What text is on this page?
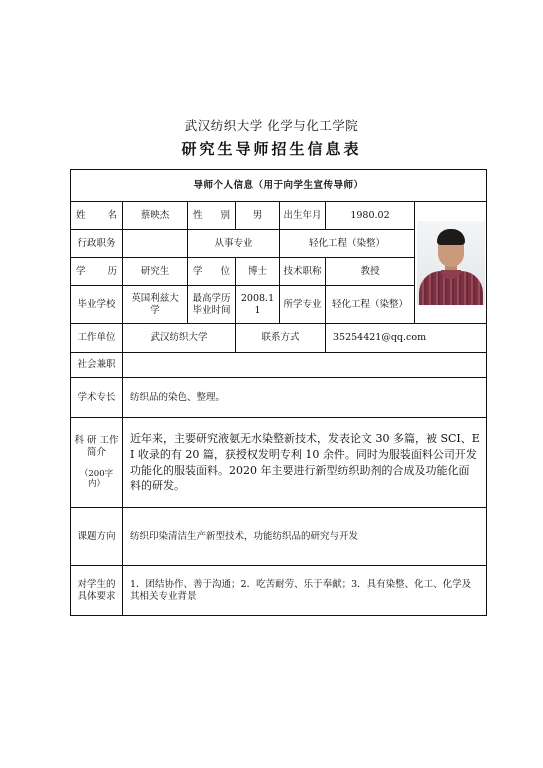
武汉纺织大学 化学与化工学院
研究生导师招生信息表
导师个人信息（用于向学生宣传导师）						
姓 名	蔡映杰	性 别	男	出生年月	1980.02	

行政职务		从事专业		轻化工程（染整）		
学 历	研究生	学 位	博士	技术职称	教授	
毕业学校	英国利兹大学	最高学历毕业时间	2008.11	所学专业	轻化工程（染整）	
工作单位	武汉纺织大学		联系方式		35254421@qq.com	
社会兼职						
学术专长	纺织品的染色、整理。					
科 研 工作简介
（200字内）	近年来，主要研究液氨无水染整新技术，发表论文 30 多篇，被 SCI、EI 收录的有 20 篇，获授权发明专利 10 余件。同时为服装面料公司开发功能化的服装面料。2020 年主要进行新型纺织助剂的合成及功能化面料的研发。					
课题方向	纺织印染清洁生产新型技术，功能纺织品的研究与开发					
对学生的具体要求	1．团结协作、善于沟通；2．吃苦耐劳、乐于奉献；3．具有染整、化工、化学及其相关专业背景					
